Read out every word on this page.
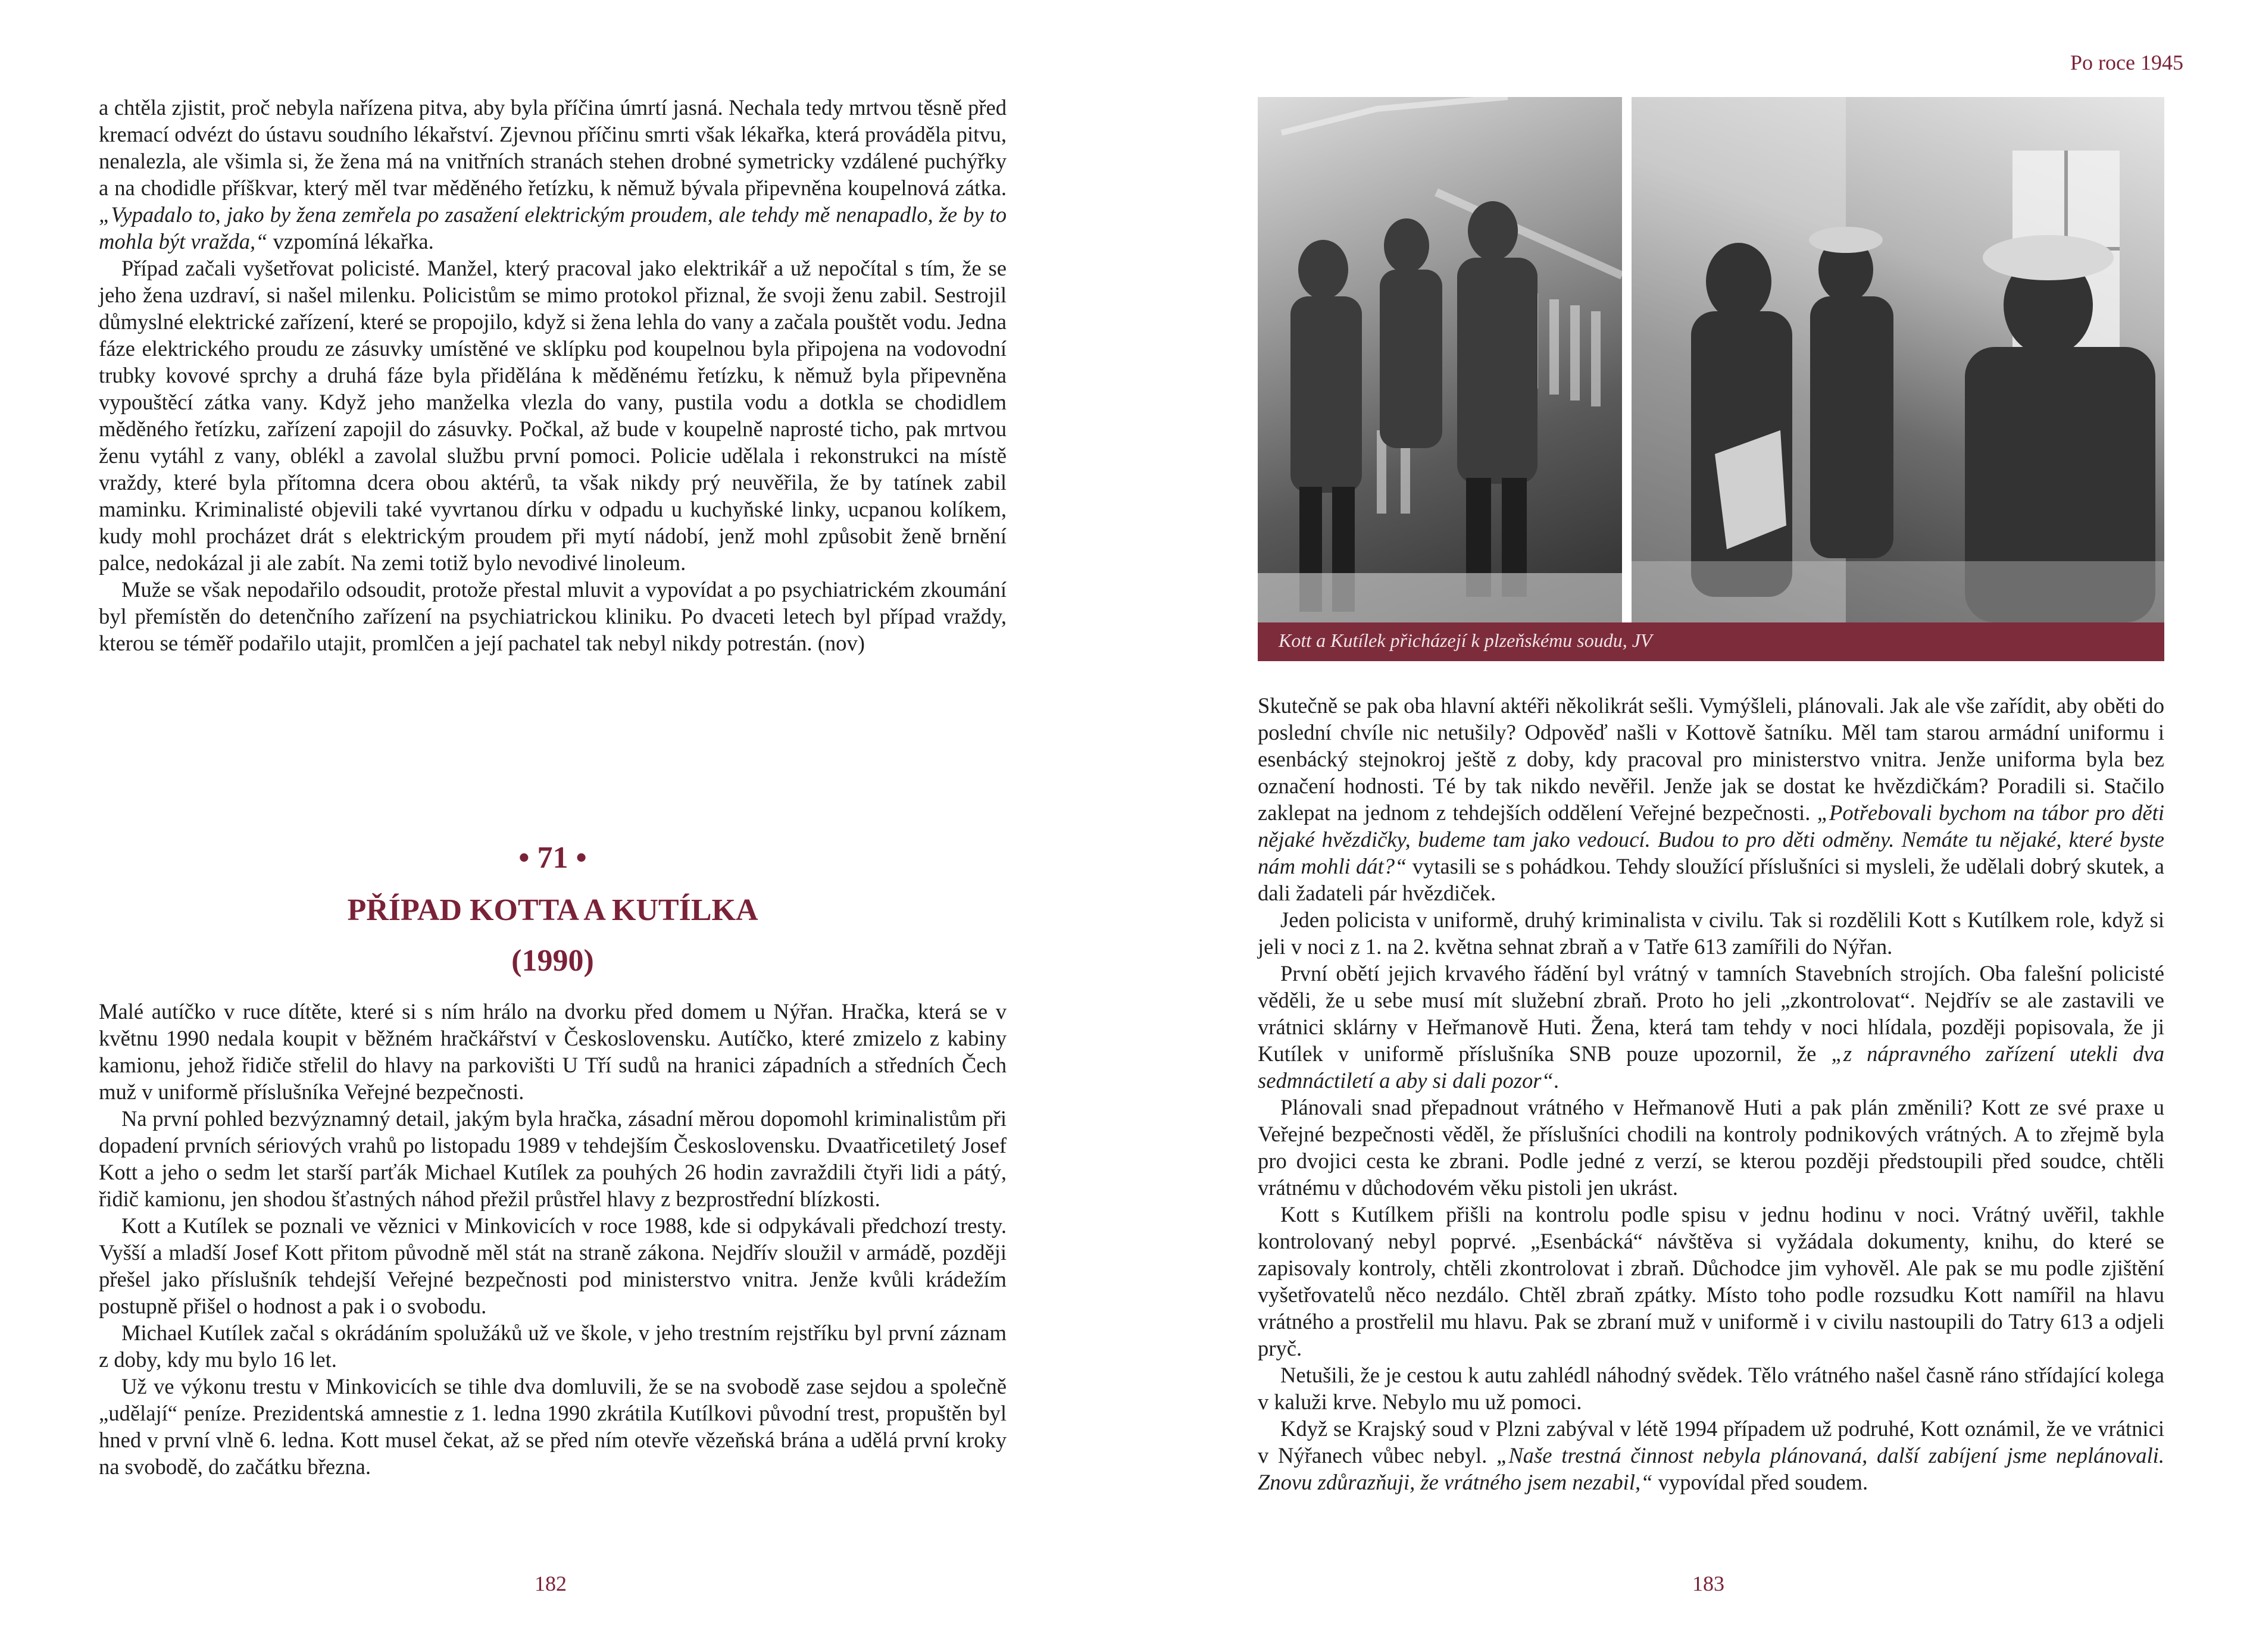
a chtěla zjistit, proč nebyla nařízena pitva, aby byla příčina úmrtí jasná. Nechala tedy mrtvou těsně před kremací odvézt do ústavu soudního lékařství. Zjevnou příčinu smrti však lékařka, která prováděla pitvu, nenalezla, ale všimla si, že žena má na vnitřních stranách stehen drobné symetricky vzdálené puchýřky a na chodidle příškvar, který měl tvar měděného řetízku, k němuž bývala připevněna koupelnová zátka. „Vypadalo to, jako by žena zemřela po zasažení elektrickým proudem, ale tehdy mě nenapadlo, že by to mohla být vražda,“ vzpomíná lékařka.

Případ začali vyšetřovat policisté. Manžel, který pracoval jako elektrikář a už nepočítal s tím, že se jeho žena uzdraví, si našel milenku. Policistům se mimo protokol přiznal, že svoji ženu zabil. Sestrojil důmyslné elektrické zařízení, které se propojilo, když si žena lehla do vany a začala pouštět vodu. Jedna fáze elektrického proudu ze zásuvky umístěné ve sklípku pod koupelnou byla připojena na vodovodní trubky kovové sprchy a druhá fáze byla přidělána k měděnému řetízku, k němuž byla připevněna vypouštěcí zátka vany. Když jeho manželka vlezla do vany, pustila vodu a dotkla se chodidlem měděného řetízku, zařízení zapojil do zásuvky. Počkal, až bude v koupelně naprosté ticho, pak mrtvou ženu vytáhl z vany, oblékl a zavolal službu první pomoci. Policie udělala i rekonstrukci na místě vraždy, které byla přítomna dcera obou aktérů, ta však nikdy prý neuvěřila, že by tatínek zabil maminku. Kriminalisté objevili také vyvrtanou dírku v odpadu u kuchyňské linky, ucpanou kolíkem, kudy mohl procházet drát s elektrickým proudem při mytí nádobí, jenž mohl způsobit ženě brnění palce, nedokázal ji ale zabít. Na zemi totiž bylo nevodivé linoleum.

Muže se však nepodařilo odsoudit, protože přestal mluvit a vypovídat a po psychiatrickém zkoumání byl přemístěn do detenčního zařízení na psychiatrickou kliniku. Po dvaceti letech byl případ vraždy, kterou se téměř podařilo utajit, promlčen a její pachatel tak nebyl nikdy potrestán. (nov)

• 71 •
PŘÍPAD KOTTA A KUTÍLKA
(1990)

Malé autíčko v ruce dítěte, které si s ním hrálo na dvorku před domem u Nýřan. Hračka, která se v květnu 1990 nedala koupit v běžném hračkářství v Československu. Autíčko, které zmizelo z kabiny kamionu, jehož řidiče střelil do hlavy na parkovišti U Tří sudů na hranici západních a středních Čech muž v uniformě příslušníka Veřejné bezpečnosti.

Na první pohled bezvýznamný detail, jakým byla hračka, zásadní měrou dopomohl kriminalistům při dopadení prvních sériových vrahů po listopadu 1989 v tehdejším Československu. Dvaatřicetiletý Josef Kott a jeho o sedm let starší parťák Michael Kutílek za pouhých 26 hodin zavraždili čtyři lidi a pátý, řidič kamionu, jen shodou šťastných náhod přežil průstřel hlavy z bezprostřední blízkosti.

Kott a Kutílek se poznali ve věznici v Minkovicích v roce 1988, kde si odpykávali předchozí tresty. Vyšší a mladší Josef Kott přitom původně měl stát na straně zákona. Nejdřív sloužil v armádě, později přešel jako příslušník tehdejší Veřejné bezpečnosti pod ministerstvo vnitra. Jenže kvůli krádežím postupně přišel o hodnost a pak i o svobodu.

Michael Kutílek začal s okrádáním spolužáků už ve škole, v jeho trestním rejstříku byl první záznam z doby, kdy mu bylo 16 let.

Už ve výkonu trestu v Minkovicích se tihle dva domluvili, že se na svobodě zase sejdou a společně „udělají“ peníze. Prezidentská amnestie z 1. ledna 1990 zkrátila Kutílkovi původní trest, propuštěn byl hned v první vlně 6. ledna. Kott musel čekat, až se před ním otevře vězeňská brána a udělá první kroky na svobodě, do začátku března.

182
Po roce 1945
183
Kott a Kutílek přicházejí k plzeňskému soudu, JV

Skutečně se pak oba hlavní aktéři několikrát sešli. Vymýšleli, plánovali. Jak ale vše zařídit, aby oběti do poslední chvíle nic netušily? Odpověď našli v Kottově šatníku. Měl tam starou armádní uniformu i esenbácký stejnokroj ještě z doby, kdy pracoval pro ministerstvo vnitra. Jenže uniforma byla bez označení hodnosti. Té by tak nikdo nevěřil. Jenže jak se dostat ke hvězdičkám? Poradili si. Stačilo zaklepat na jednom z tehdejších oddělení Veřejné bezpečnosti. „Potřebovali bychom na tábor pro děti nějaké hvězdičky, budeme tam jako vedoucí. Budou to pro děti odměny. Nemáte tu nějaké, které byste nám mohli dát?“ vytasili se s pohádkou. Tehdy sloužící příslušníci si mysleli, že udělali dobrý skutek, a dali žadateli pár hvězdiček.

Jeden policista v uniformě, druhý kriminalista v civilu. Tak si rozdělili Kott s Kutílkem role, když si jeli v noci z 1. na 2. května sehnat zbraň a v Tatře 613 zamířili do Nýřan.

První obětí jejich krvavého řádění byl vrátný v tamních Stavebních strojích. Oba falešní policisté věděli, že u sebe musí mít služební zbraň. Proto ho jeli „zkontrolovat“. Nejdřív se ale zastavili ve vrátnici sklárny v Heřmanově Huti. Žena, která tam tehdy v noci hlídala, později popisovala, že ji Kutílek v uniformě příslušníka SNB pouze upozornil, že „z nápravného zařízení utekli dva sedmnáctiletí a aby si dali pozor“.

Plánovali snad přepadnout vrátného v Heřmanově Huti a pak plán změnili? Kott ze své praxe u Veřejné bezpečnosti věděl, že příslušníci chodili na kontroly podnikových vrátných. A to zřejmě byla pro dvojici cesta ke zbrani. Podle jedné z verzí, se kterou později předstoupili před soudce, chtěli vrátnému v důchodovém věku pistoli jen ukrást.

Kott s Kutílkem přišli na kontrolu podle spisu v jednu hodinu v noci. Vrátný uvěřil, takhle kontrolovaný nebyl poprvé. „Esenbácká“ návštěva si vyžádala dokumenty, knihu, do které se zapisovaly kontroly, chtěli zkontrolovat i zbraň. Důchodce jim vyhověl. Ale pak se mu podle zjištění vyšetřovatelů něco nezdálo. Chtěl zbraň zpátky. Místo toho podle rozsudku Kott namířil na hlavu vrátného a prostřelil mu hlavu. Pak se zbraní muž v uniformě i v civilu nastoupili do Tatry 613 a odjeli pryč.

Netušili, že je cestou k autu zahlédl náhodný svědek. Tělo vrátného našel časně ráno střídající kolega v kaluži krve. Nebylo mu už pomoci.

Když se Krajský soud v Plzni zabýval v létě 1994 případem už podruhé, Kott oznámil, že ve vrátnici v Nýřanech vůbec nebyl. „Naše trestná činnost nebyla plánovaná, další zabíjení jsme neplánovali. Znovu zdůrazňuji, že vrátného jsem nezabil,“ vypovídal před soudem.
